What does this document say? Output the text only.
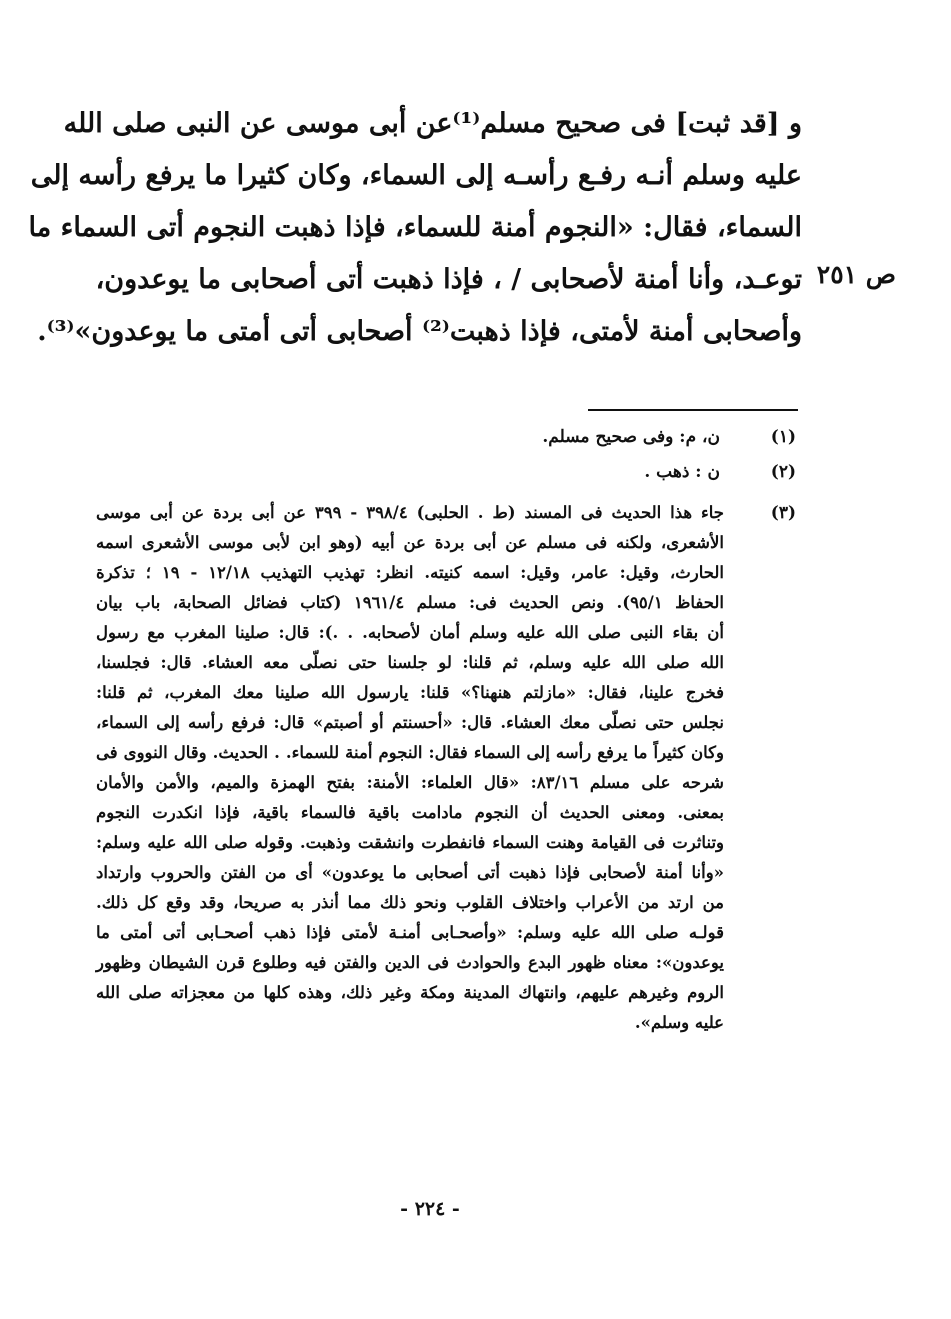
و [قد ثبت] فى صحيح مسلم⁽¹⁾عن أبى موسى عن النبى صلى الله
عليه وسلم أنـه رفـع رأسـه إلى السماء، وكان كثيرا ما يرفع رأسه إلى
السماء، فقال: «النجوم أمنة للسماء، فإذا ذهبت النجوم أتى السماء ما
توعـد، وأنا أمنة لأصحابى / ، فإذا ذهبت أتى أصحابى ما يوعدون،
وأصحابى أمنة لأمتى، فإذا ذهبت⁽²⁾ أصحابى أتى أمتى ما يوعدون»⁽³⁾.
ص ٢٥١
(١)
ن، م: وفى صحيح مسلم.
(٢)
ن : ذهب .
(٣)
جاء هذا الحديث فى المسند (ط . الحلبى) ٣٩٨/٤ - ٣٩٩ عن أبى بردة عن أبى موسى
الأشعرى، ولكنه فى مسلم عن أبى بردة عن أبيه (وهو ابن لأبى موسى الأشعرى اسمه
الحارث، وقيل: عامر، وقيل: اسمه كنيته. انظر: تهذيب التهذيب ١٢/١٨ - ١٩ ؛ تذكرة
الحفاظ ٩٥/١). ونص الحديث فى: مسلم ١٩٦١/٤ (كتاب فضائل الصحابة، باب بيان
أن بقاء النبى صلى الله عليه وسلم أمان لأصحابه. . .): قال: صلينا المغرب مع رسول
الله صلى الله عليه وسلم، ثم قلنا: لو جلسنا حتى نصلّى معه العشاء. قال: فجلسنا،
فخرج علينا، فقال: «مازلتم هنهنا؟» قلنا: يارسول الله صلينا معك المغرب، ثم قلنا:
نجلس حتى نصلّى معك العشاء. قال: «أحسنتم أو أصبتم» قال: فرفع رأسه إلى السماء،
وكان كثيراً ما يرفع رأسه إلى السماء فقال: النجوم أمنة للسماء. . الحديث. وقال النووى فى
شرحه على مسلم ٨٣/١٦: «قال العلماء: الأمنة: بفتح الهمزة والميم، والأمن والأمان
بمعنى. ومعنى الحديث أن النجوم مادامت باقية فالسماء باقية، فإذا انكدرت النجوم
وتناثرت فى القيامة وهنت السماء فانفطرت وانشقت وذهبت. وقوله صلى الله عليه وسلم:
«وأنا أمنة لأصحابى فإذا ذهبت أتى أصحابى ما يوعدون» أى من الفتن والحروب وارتداد
من ارتد من الأعراب واختلاف القلوب ونحو ذلك مما أنذر به صريحا، وقد وقع كل ذلك.
قولـه صلى الله عليه وسلم: «وأصحـابى أمنـة لأمتى فإذا ذهب أصحـابى أتى أمتى ما
يوعدون»: معناه ظهور البدع والحوادث فى الدين والفتن فيه وطلوع قرن الشيطان وظهور
الروم وغيرهم عليهم، وانتهاك المدينة ومكة وغير ذلك، وهذه كلها من معجزاته صلى الله
عليه وسلم».
- ٢٢٤ -
